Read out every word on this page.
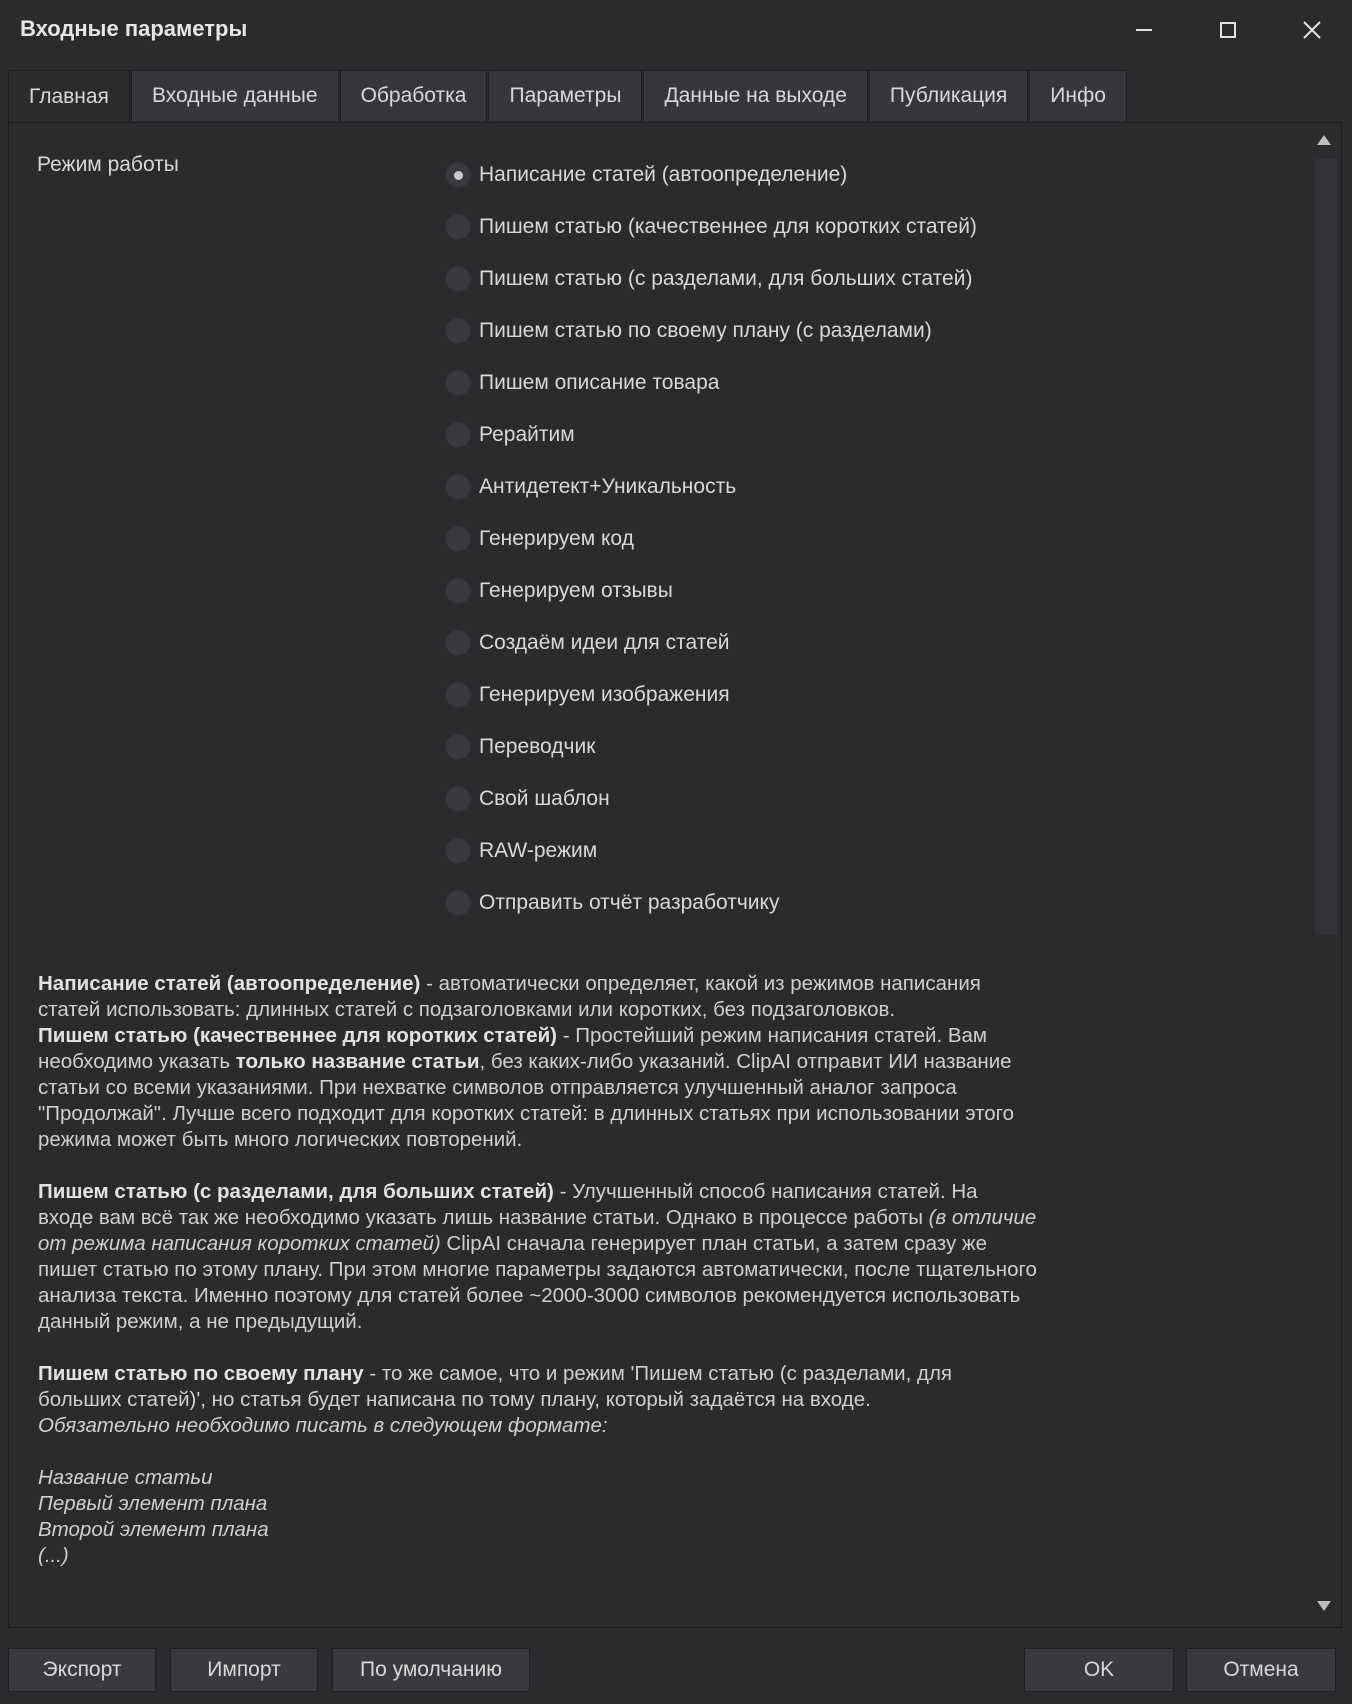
Входные параметры
Главная	Входные данные	Обработка	Параметры	Данные на выходе	Публикация	Инфо
Режим работы	Написание статей (автоопределение)
Пишем статью (качественнее для коротких статей)
Пишем статью (с разделами, для больших статей)
Пишем статью по своему плану (с разделами)
Пишем описание товара
Рерайтим
Антидетект+Уникальность
Генерируем код
Генерируем отзывы
Создаём идеи для статей
Генерируем изображения
Переводчик
Свой шаблон
RAW-режим
Отправить отчёт разработчику

Написание статей (автоопределение) - автоматически определяет, какой из режимов написания статей использовать: длинных статей с подзаголовками или коротких, без подзаголовков.

Пишем статью (качественнее для коротких статей) - Простейший режим написания статей. Вам необходимо указать только название статьи, без каких-либо указаний. ClipAI отправит ИИ название статьи со всеми указаниями. При нехватке символов отправляется улучшенный аналог запроса "Продолжай". Лучше всего подходит для коротких статей: в длинных статьях при использовании этого режима может быть много логических повторений.

Пишем статью (с разделами, для больших статей) - Улучшенный способ написания статей. На входе вам всё так же необходимо указать лишь название статьи. Однако в процессе работы (в отличие от режима написания коротких статей) ClipAI сначала генерирует план статьи, а затем сразу же пишет статью по этому плану. При этом многие параметры задаются автоматически, после тщательного анализа текста. Именно поэтому для статей более ~2000-3000 символов рекомендуется использовать данный режим, а не предыдущий.

Пишем статью по своему плану - то же самое, что и режим 'Пишем статью (с разделами, для больших статей)', но статья будет написана по тому плану, который задаётся на входе.

Обязательно необходимо писать в следующем формате:

Название статьи

Первый элемент плана

Второй элемент плана

(...)

Экспорт	Импорт	По умолчанию	OK	Отмена
